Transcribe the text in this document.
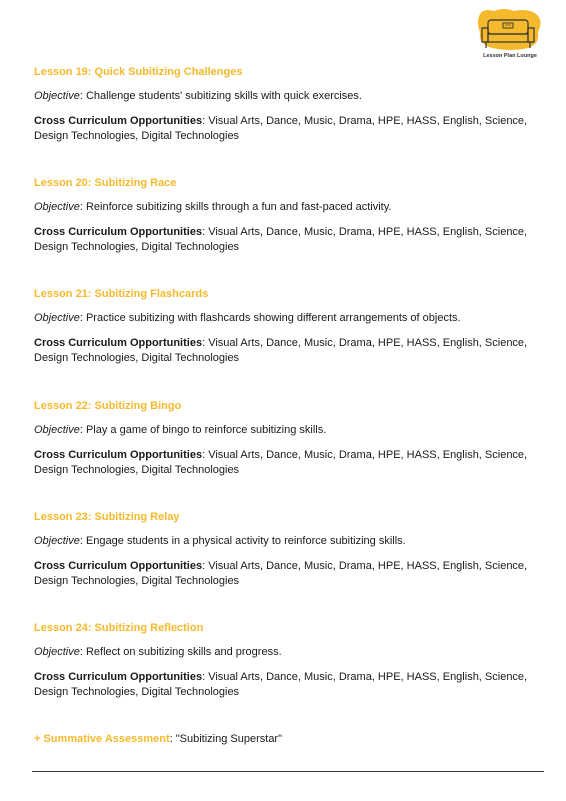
Lesson Plan Lounge

Lesson 19: Quick Subitizing Challenges

Objective: Challenge students' subitizing skills with quick exercises.

Cross Curriculum Opportunities: Visual Arts, Dance, Music, Drama, HPE, HASS, English, Science, Design Technologies, Digital Technologies

Lesson 20: Subitizing Race

Objective: Reinforce subitizing skills through a fun and fast-paced activity.

Cross Curriculum Opportunities: Visual Arts, Dance, Music, Drama, HPE, HASS, English, Science, Design Technologies, Digital Technologies

Lesson 21: Subitizing Flashcards

Objective: Practice subitizing with flashcards showing different arrangements of objects.

Cross Curriculum Opportunities: Visual Arts, Dance, Music, Drama, HPE, HASS, English, Science, Design Technologies, Digital Technologies

Lesson 22: Subitizing Bingo

Objective: Play a game of bingo to reinforce subitizing skills.

Cross Curriculum Opportunities: Visual Arts, Dance, Music, Drama, HPE, HASS, English, Science, Design Technologies, Digital Technologies

Lesson 23: Subitizing Relay

Objective: Engage students in a physical activity to reinforce subitizing skills.

Cross Curriculum Opportunities: Visual Arts, Dance, Music, Drama, HPE, HASS, English, Science, Design Technologies, Digital Technologies

Lesson 24: Subitizing Reflection

Objective: Reflect on subitizing skills and progress.

Cross Curriculum Opportunities: Visual Arts, Dance, Music, Drama, HPE, HASS, English, Science, Design Technologies, Digital Technologies

+ Summative Assessment: "Subitizing Superstar"
